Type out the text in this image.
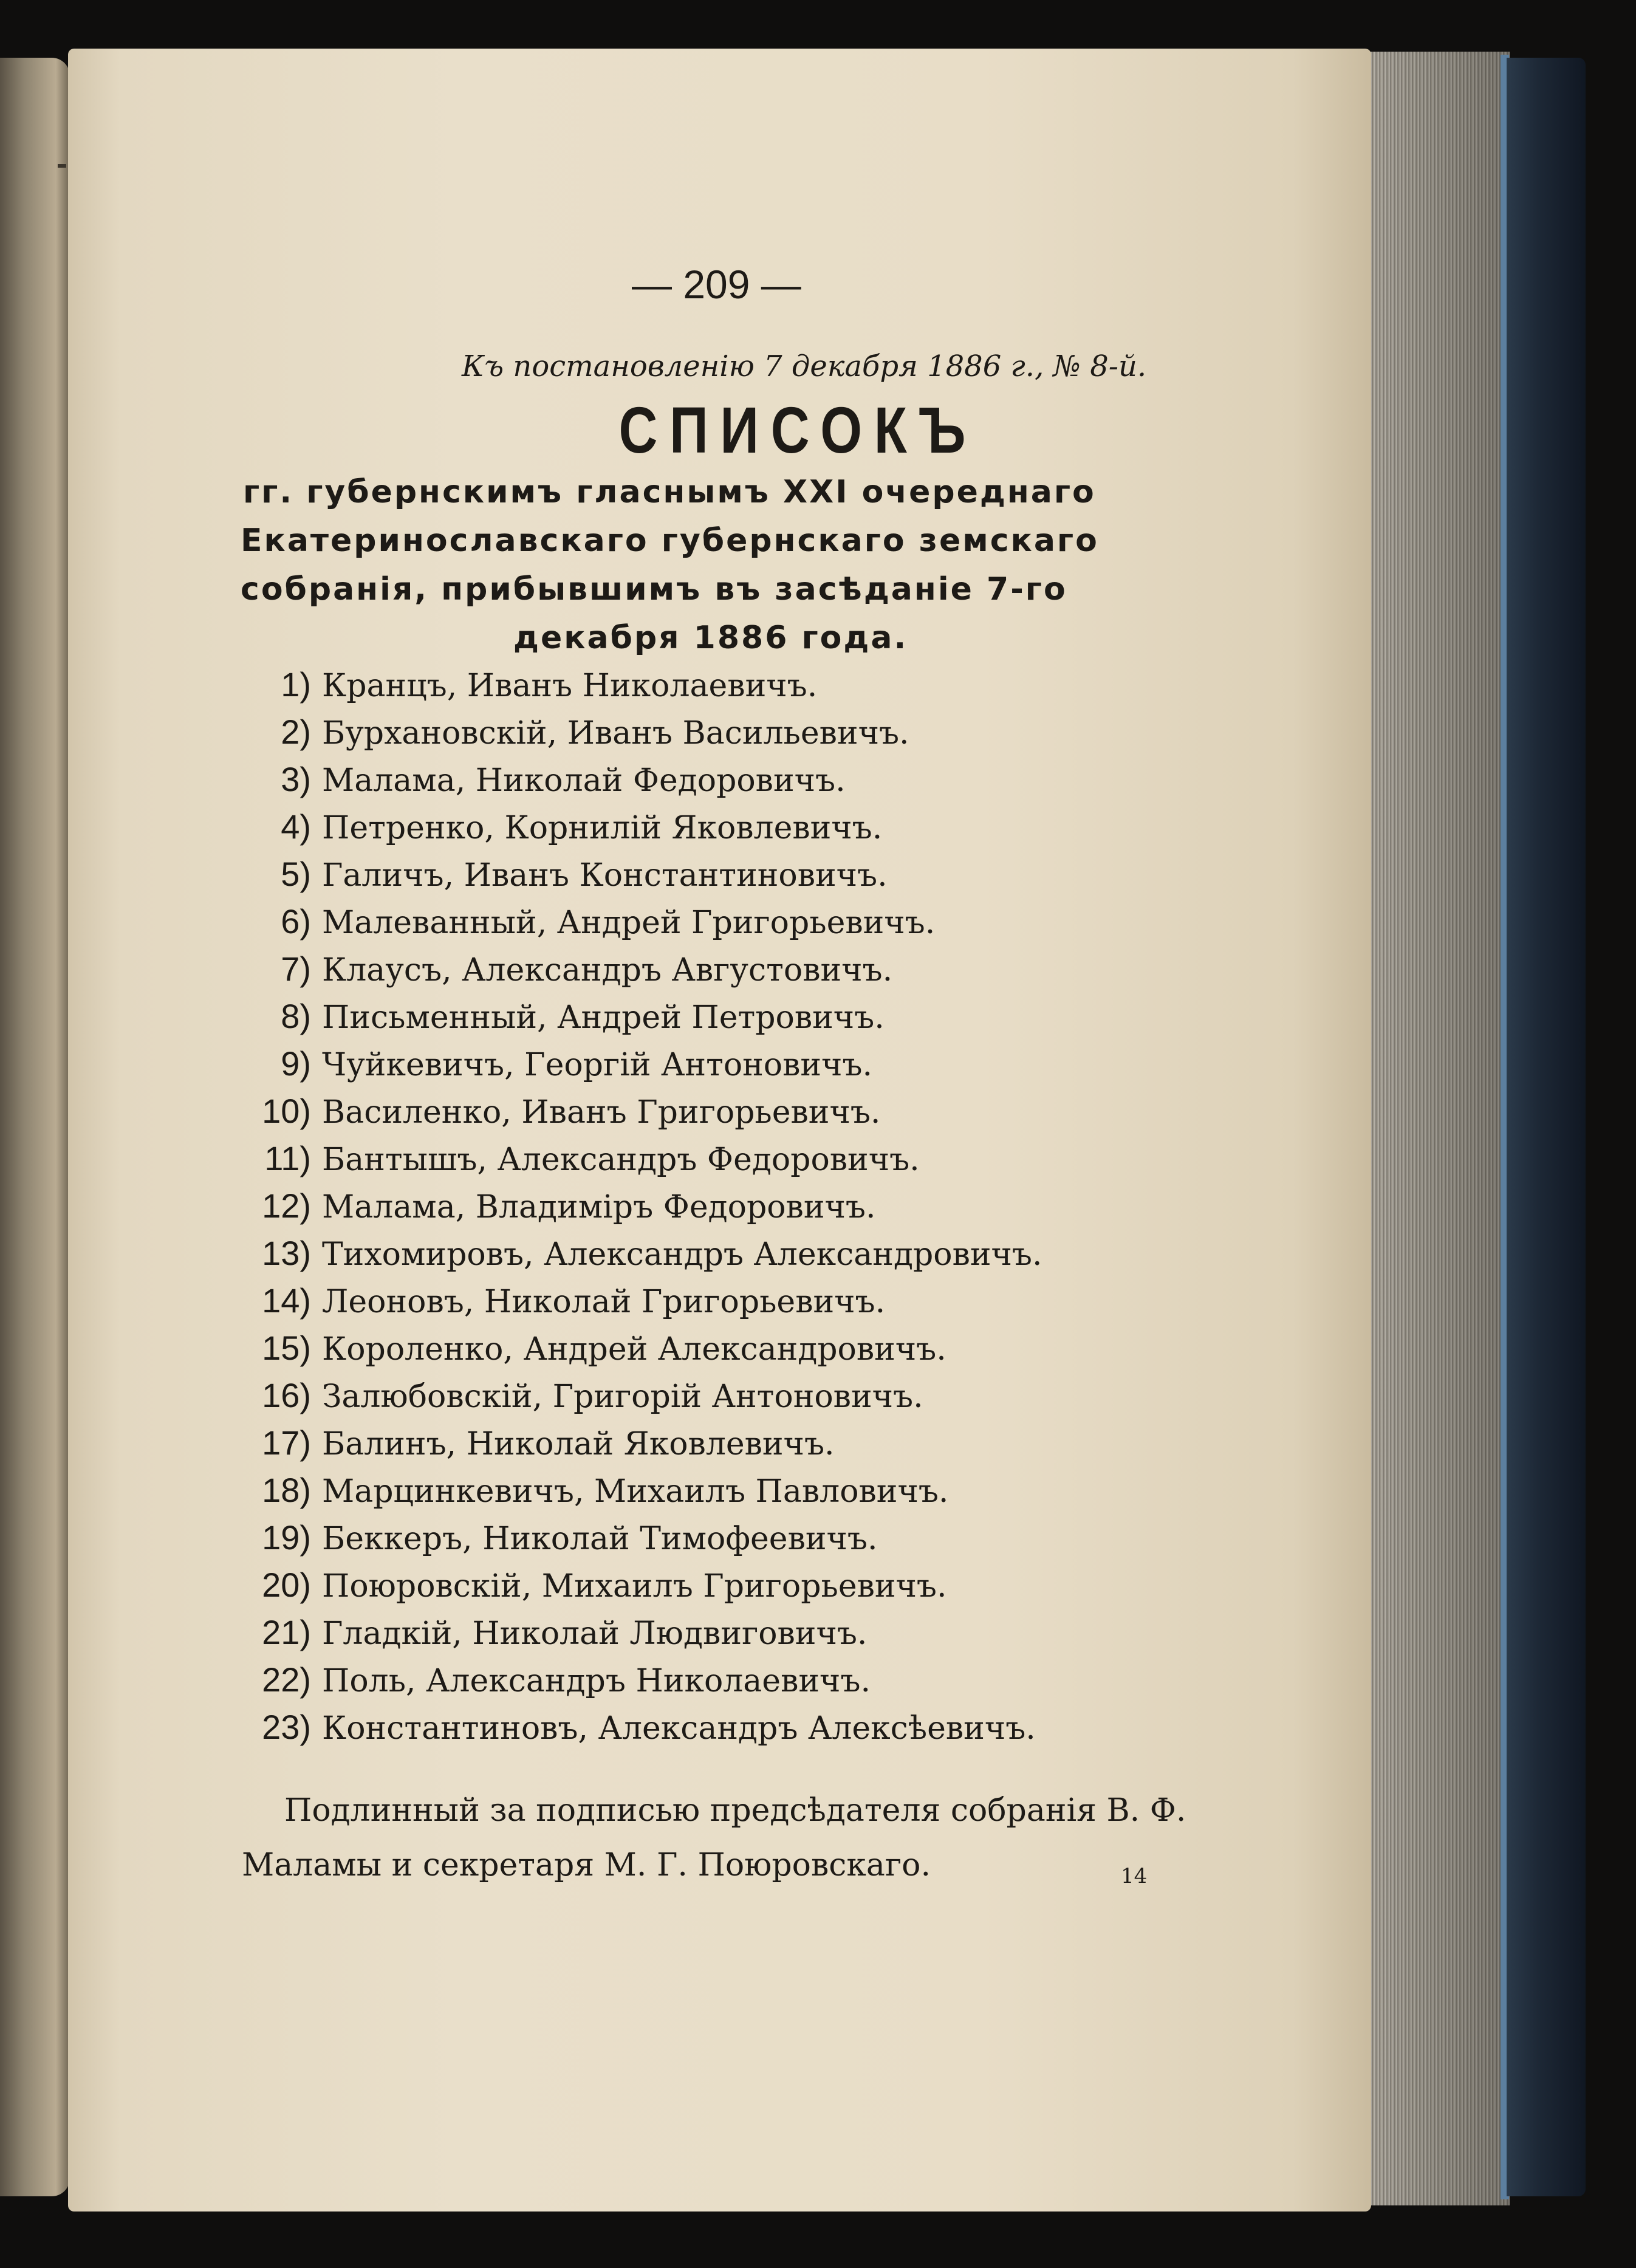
— 209 —
Къ постановленію 7 декабря 1886 г., № 8-й.
СПИСОКЪ
гг. губернскимъ гласнымъ XXI очереднаго
Екатеринославскаго губернскаго земскаго
собранія, прибывшимъ въ засѣданіе 7-го
декабря 1886 года.
1) Кранцъ, Иванъ Николаевичъ.
2) Бурхановскій, Иванъ Васильевичъ.
3) Малама, Николай Федоровичъ.
4) Петренко, Корнилій Яковлевичъ.
5) Галичъ, Иванъ Константиновичъ.
6) Малеванный, Андрей Григорьевичъ.
7) Клаусъ, Александръ Августовичъ.
8) Письменный, Андрей Петровичъ.
9) Чуйкевичъ, Георгій Антоновичъ.
10) Василенко, Иванъ Григорьевичъ.
11) Бантышъ, Александръ Федоровичъ.
12) Малама, Владиміръ Федоровичъ.
13) Тихомировъ, Александръ Александровичъ.
14) Леоновъ, Николай Григорьевичъ.
15) Короленко, Андрей Александровичъ.
16) Залюбовскій, Григорій Антоновичъ.
17) Балинъ, Николай Яковлевичъ.
18) Марцинкевичъ, Михаилъ Павловичъ.
19) Беккеръ, Николай Тимофеевичъ.
20) Поюровскій, Михаилъ Григорьевичъ.
21) Гладкій, Николай Людвиговичъ.
22) Поль, Александръ Николаевичъ.
23) Константиновъ, Александръ Алексѣевичъ.
Подлинный за подписью предсѣдателя собранія В. Ф.
Маламы и секретаря М. Г. Поюровскаго.	14
